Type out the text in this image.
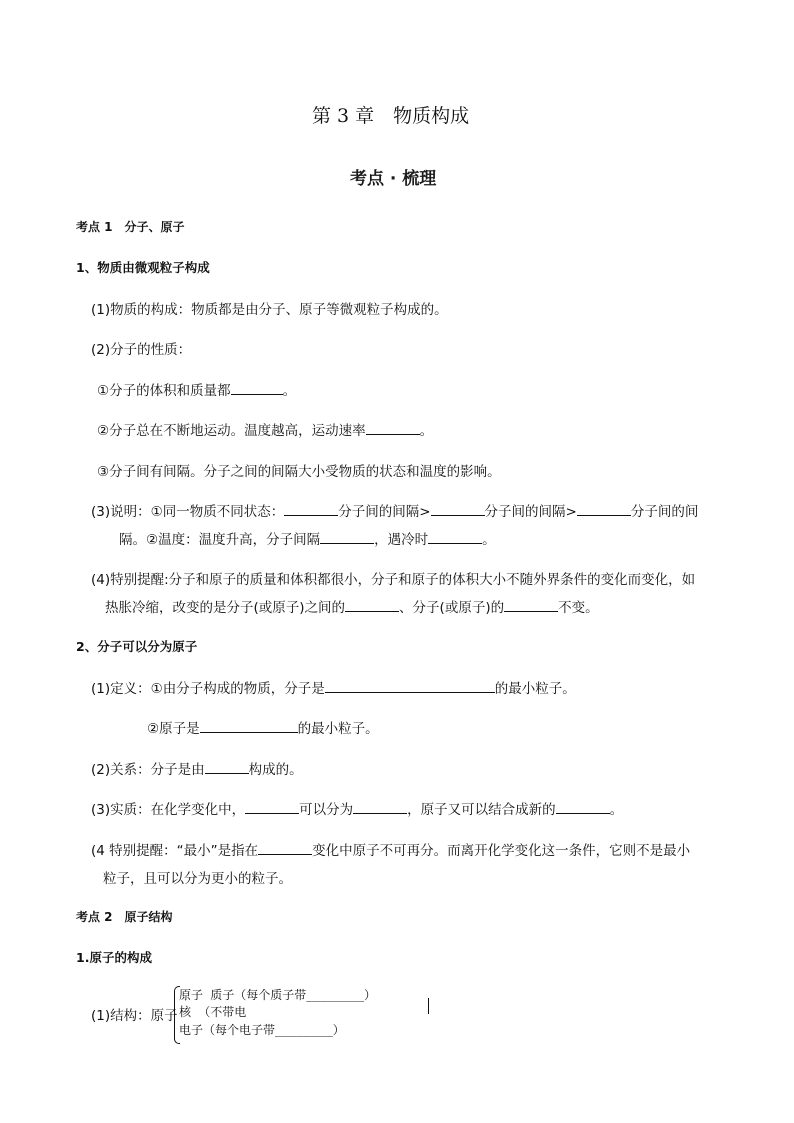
第 3 章　物质构成
考点 · 梳理
考点 1　分子、原子
1、物质由微观粒子构成
(1)物质的构成：物质都是由分子、原子等微观粒子构成的。
(2)分子的性质：
①分子的体积和质量都	。
②分子总在不断地运动。温度越高，运动速率	。
③分子间有间隔。分子之间的间隔大小受物质的状态和温度的影响。
(3)说明：①同一物质不同状态：	分子间的间隔>	分子间的间隔>	分子间的间
隔。②温度：温度升高，分子间隔	，遇冷时	。
(4)特别提醒:分子和原子的质量和体积都很小，分子和原子的体积大小不随外界条件的变化而变化，如
热胀冷缩，改变的是分子(或原子)之间的	、分子(或原子)的	不变。
2、分子可以分为原子
(1)定义：①由分子构成的物质，分子是	的最小粒子。
②原子是	的最小粒子。
(2)关系：分子是由	构成的。
(3)实质：在化学变化中，	可以分为	，原子又可以结合成新的	。
(4 特别提醒：“最小”是指在	变化中原子不可再分。而离开化学变化这一条件，它则不是最小
粒子，且可以分为更小的粒子。
考点 2　原子结构
1.原子的构成
(1)结构：原子
原子 质子（每个质子带________）
核 （不带电
电子（每个电子带________）
